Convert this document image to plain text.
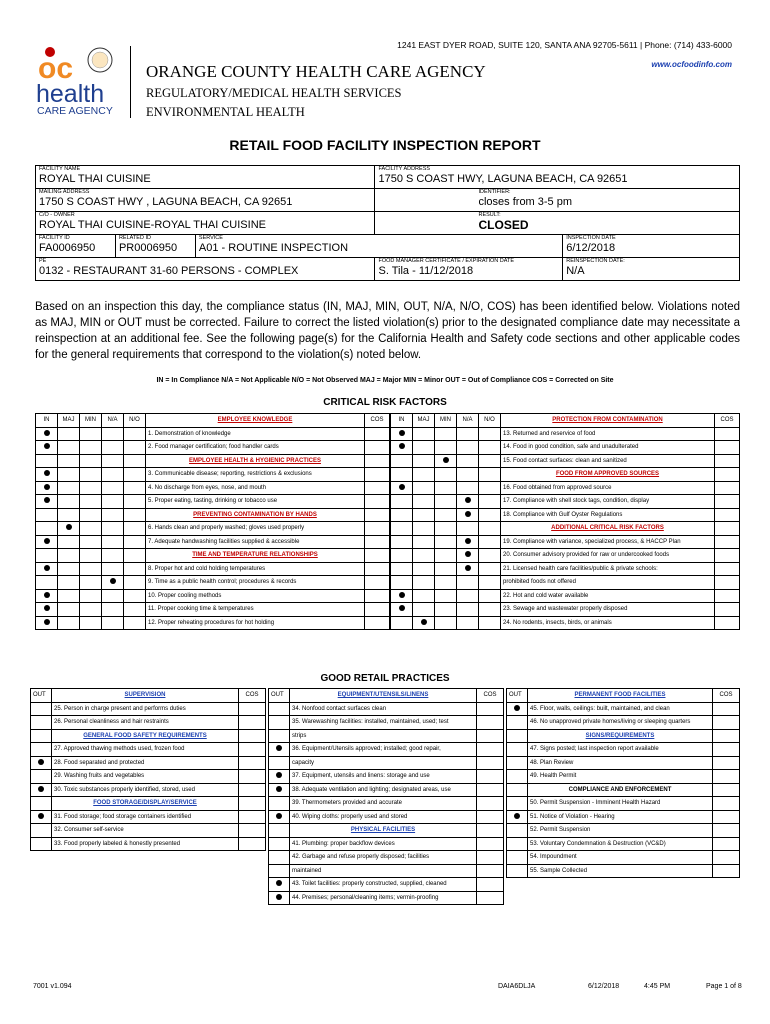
1241 EAST DYER ROAD, SUITE 120, SANTA ANA 92705-5611 | Phone: (714) 433-6000
www.ocfoodinfo.com
oc
health
CARE AGENCY
ORANGE COUNTY HEALTH CARE AGENCY
REGULATORY/MEDICAL HEALTH SERVICES
ENVIRONMENTAL HEALTH
RETAIL FOOD FACILITY INSPECTION REPORT
FACILITY NAME
ROYAL THAI CUISINE			FACILITY ADDRESS
1750 S COAST HWY, LAGUNA BEACH, CA 92651	

MAILING ADDRESS
1750 S COAST HWY , LAGUNA BEACH, CA 92651			IDENTIFIER:
closes from 3-5 pm	

C/O - OWNER
ROYAL THAI CUISINE-ROYAL THAI CUISINE			RESULT:
CLOSED	

FACILITY ID
FA0006950	RELATED ID
PR0006950	SERVICE
A01 - ROUTINE INSPECTION		INSPECTION DATE
6/12/2018

PE
0132 - RESTAURANT 31-60 PERSONS - COMPLEX			FOOD MANAGER CERTIFICATE / EXPIRATION DATE
S. Tila - 11/12/2018	REINSPECTION DATE:
N/A
Based on an inspection this day, the compliance status (IN, MAJ, MIN, OUT, N/A, N/O, COS) has been identified below. Violations noted as MAJ, MIN or OUT must be corrected. Failure to correct the listed violation(s) prior to the designated compliance date may necessitate a reinspection at an additional fee. See the following page(s) for the California Health and Safety code sections and other applicable codes for the general requirements that correspond to the violation(s) noted below.
IN = In Compliance N/A = Not Applicable N/O = Not Observed MAJ = Major MIN = Minor OUT = Out of Compliance COS = Corrected on Site
CRITICAL RISK FACTORS
IN	MAJ	MIN	N/A	N/O	EMPLOYEE KNOWLEDGE	COS
					1. Demonstration of knowledge	
					2. Food manager certification; food handler cards	
					EMPLOYEE HEALTH & HYGIENIC PRACTICES	
					3. Communicable disease; reporting, restrictions & exclusions	
					4. No discharge from eyes, nose, and mouth	
					5. Proper eating, tasting, drinking or tobacco use	
					PREVENTING CONTAMINATION BY HANDS	
					6. Hands clean and properly washed; gloves used properly	
					7. Adequate handwashing facilities supplied & accessible	
					TIME AND TEMPERATURE RELATIONSHIPS	
					8. Proper hot and cold holding temperatures	
					9. Time as a public health control; procedures & records	
					10. Proper cooling methods	
					11. Proper cooking time & temperatures	
					12. Proper reheating procedures for hot holding	
IN	MAJ	MIN	N/A	N/O	PROTECTION FROM CONTAMINATION	COS
					13. Returned and reservice of food	
					14. Food in good condition, safe and unadulterated	
					15. Food contact surfaces: clean and sanitized	
					FOOD FROM APPROVED SOURCES	
					16. Food obtained from approved source	
					17. Compliance with shell stock tags, condition, display	
					18. Compliance with Gulf Oyster Regulations	
					ADDITIONAL CRITICAL RISK FACTORS	
					19. Compliance with variance, specialized process, & HACCP Plan	
					20. Consumer advisory provided for raw or undercooked foods	
					21. Licensed health care facilities/public & private schools:	
					prohibited foods not offered	
					22. Hot and cold water available	
					23. Sewage and wastewater properly disposed	
					24. No rodents, insects, birds, or animals	
GOOD RETAIL PRACTICES
OUT	SUPERVISION	COS
	25. Person in charge present and performs duties	
	26. Personal cleanliness and hair restraints	
	GENERAL FOOD SAFETY REQUIREMENTS	
	27. Approved thawing methods used, frozen food	
	28. Food separated and protected	
	29. Washing fruits and vegetables	
	30. Toxic substances properly identified, stored, used	
	FOOD STORAGE/DISPLAY/SERVICE	
	31. Food storage; food storage containers identified	
	32. Consumer self-service	
	33. Food properly labeled & honestly presented	
OUT	EQUIPMENT/UTENSILS/LINENS	COS
	34. Nonfood contact surfaces clean	
	35. Warewashing facilities: installed, maintained, used; test	
	strips	
	36. Equipment/Utensils approved; installed; good repair,	
	capacity	
	37. Equipment, utensils and linens: storage and use	
	38. Adequate ventilation and lighting; designated areas, use	
	39. Thermometers provided and accurate	
	40. Wiping cloths: properly used and stored	
	PHYSICAL FACILITIES	
	41. Plumbing: proper backflow devices	
	42. Garbage and refuse properly disposed; facilities	
	maintained	
	43. Toilet facilities: properly constructed, supplied, cleaned	
	44. Premises; personal/cleaning items; vermin-proofing	
OUT	PERMANENT FOOD FACILITIES	COS
	45. Floor, walls, ceilings: built, maintained, and clean	
	46. No unapproved private homes/living or sleeping quarters	
	SIGNS/REQUIREMENTS	
	47. Signs posted; last inspection report available	
	48. Plan Review	
	49. Health Permit	
	COMPLIANCE AND ENFORCEMENT	
	50. Permit Suspension - Imminent Health Hazard	
	51. Notice of Violation - Hearing	
	52. Permit Suspension	
	53. Voluntary Condemnation & Destruction (VC&D)	
	54. Impoundment	
	55. Sample Collected	
7001 v1.094	DAIA6DLJA	6/12/2018	4:45 PM	Page 1 of 8
